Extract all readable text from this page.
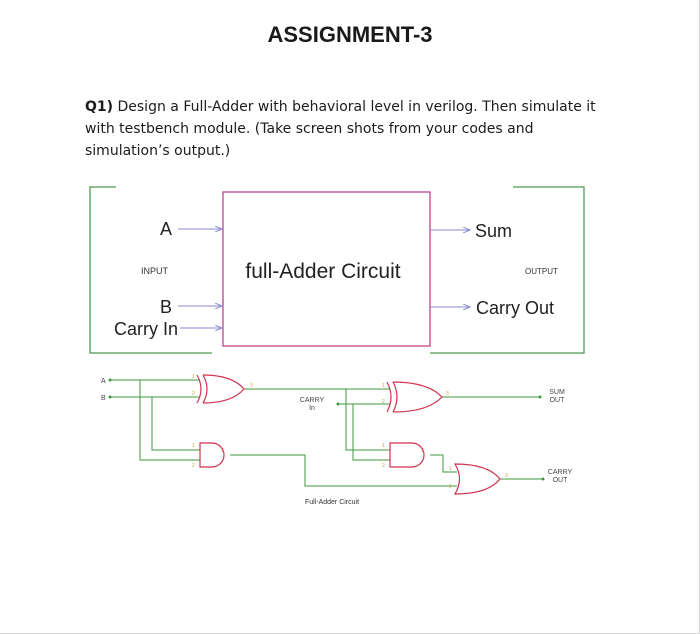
ASSIGNMENT-3
Q1) Design a Full-Adder with behavioral level in verilog. Then simulate it with testbench module. (Take screen shots from your codes and simulation’s output.)
A
INPUT
B
Carry In
full-Adder Circuit
Sum
OUTPUT
Carry Out
A
B
1
2
3
1
2
3
1
2
3
1
2
3
1
2
3
CARRY
In
SUM
OUT
CARRY
OUT
Full-Adder Circuit
